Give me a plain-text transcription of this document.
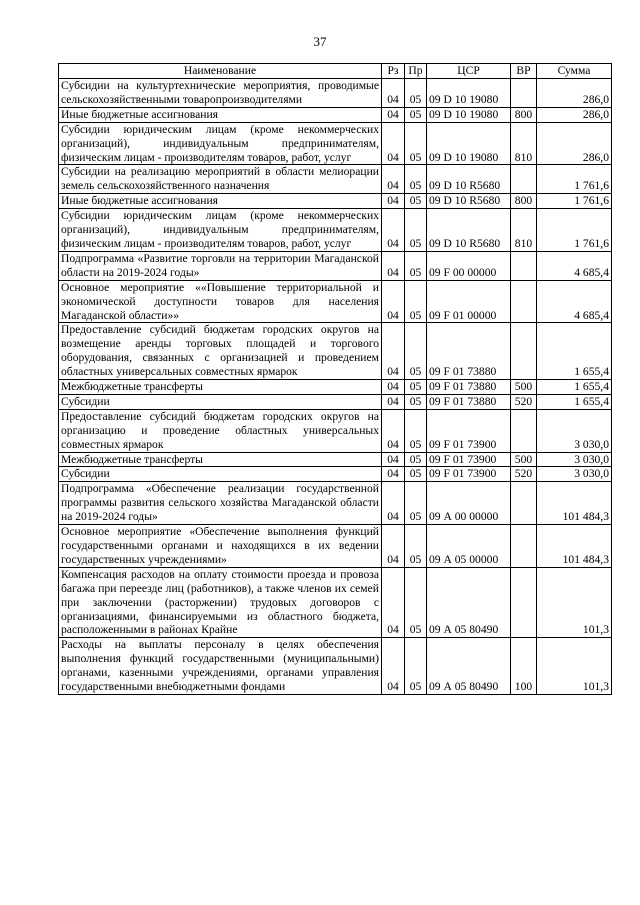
37
Наименование	Рз	Пр	ЦСР	ВР	Сумма
Субсидии на культуртехнические мероприятия, проводимые сельскохозяйственными товаропроизводителями	04	05	09 D 10 19080		286,0
Иные бюджетные ассигнования	04	05	09 D 10 19080	800	286,0
Субсидии юридическим лицам (кроме некоммерческих организаций), индивидуальным предпринимателям, физическим лицам - производителям товаров, работ, услуг	04	05	09 D 10 19080	810	286,0
Субсидии на реализацию мероприятий в области мелиорации земель сельскохозяйственного назначения	04	05	09 D 10 R5680		1 761,6
Иные бюджетные ассигнования	04	05	09 D 10 R5680	800	1 761,6
Субсидии юридическим лицам (кроме некоммерческих организаций), индивидуальным предпринимателям, физическим лицам - производителям товаров, работ, услуг	04	05	09 D 10 R5680	810	1 761,6
Подпрограмма «Развитие торговли на территории Магаданской области на 2019-2024 годы»	04	05	09 F 00 00000		4 685,4
Основное мероприятие ««Повышение территориальной и экономической доступности товаров для населения Магаданской области»»	04	05	09 F 01 00000		4 685,4
Предоставление субсидий бюджетам городских округов на возмещение аренды торговых площадей и торгового оборудования, связанных с организацией и проведением областных универсальных совместных ярмарок	04	05	09 F 01 73880		1 655,4
Межбюджетные трансферты	04	05	09 F 01 73880	500	1 655,4
Субсидии	04	05	09 F 01 73880	520	1 655,4
Предоставление субсидий бюджетам городских округов на организацию и проведение областных универсальных совместных ярмарок	04	05	09 F 01 73900		3 030,0
Межбюджетные трансферты	04	05	09 F 01 73900	500	3 030,0
Субсидии	04	05	09 F 01 73900	520	3 030,0
Подпрограмма «Обеспечение реализации государственной программы развития сельского хозяйства Магаданской области на 2019-2024 годы»	04	05	09 А 00 00000		101 484,3
Основное мероприятие «Обеспечение выполнения функций государственными органами и находящихся в их ведении государственных учреждениями»	04	05	09 А 05 00000		101 484,3
Компенсация расходов на оплату стоимости проезда и провоза багажа при переезде лиц (работников), а также членов их семей при заключении (расторжении) трудовых договоров с организациями, финансируемыми из областного бюджета, расположенными в районах Крайне	04	05	09 А 05 80490		101,3
Расходы на выплаты персоналу в целях обеспечения выполнения функций государственными (муниципальными) органами, казенными учреждениями, органами управления государственными внебюджетными фондами	04	05	09 А 05 80490	100	101,3
